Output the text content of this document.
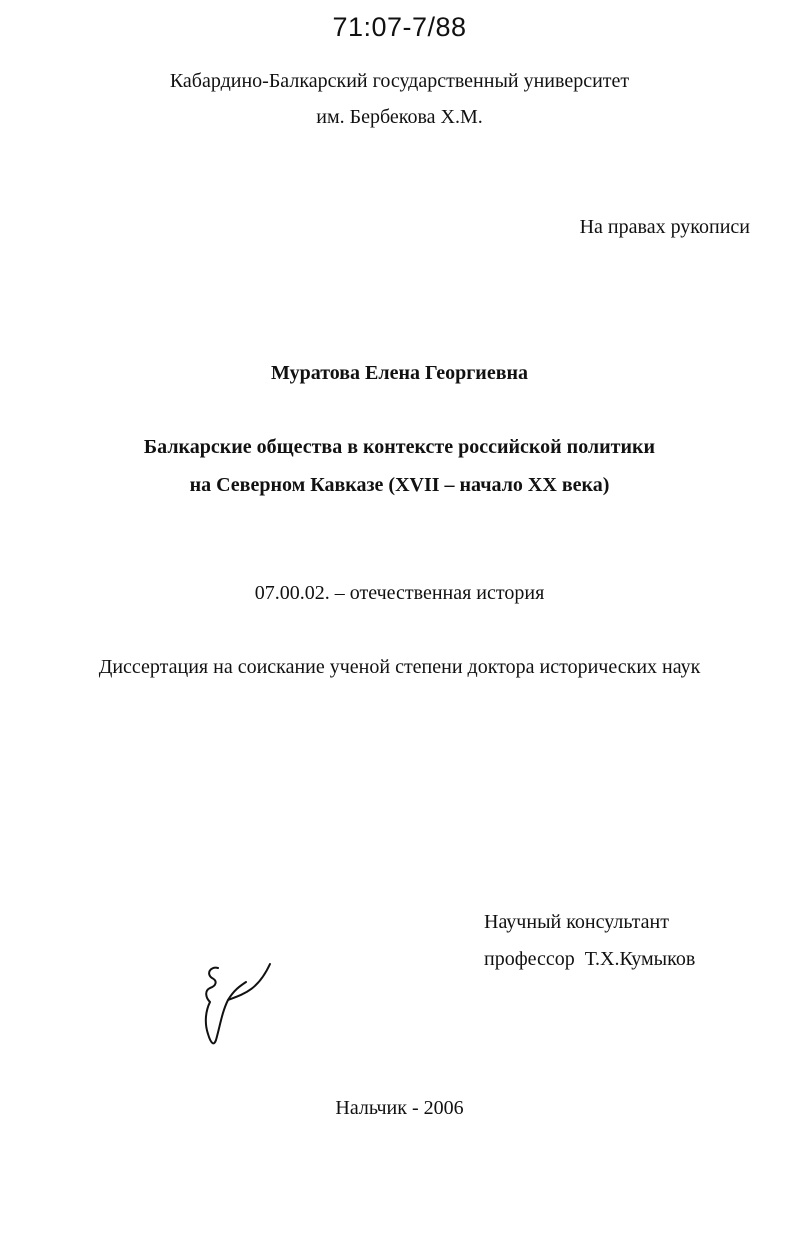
71:07-7/88
Кабардино-Балкарский государственный университет
им. Бербекова Х.М.
На правах рукописи
Муратова Елена Георгиевна
Балкарские общества в контексте российской политики
на Северном Кавказе (XVII – начало XX века)
07.00.02. – отечественная история
Диссертация на соискание ученой степени доктора исторических наук
Научный консультант
профессор  Т.Х.Кумыков
Нальчик - 2006
